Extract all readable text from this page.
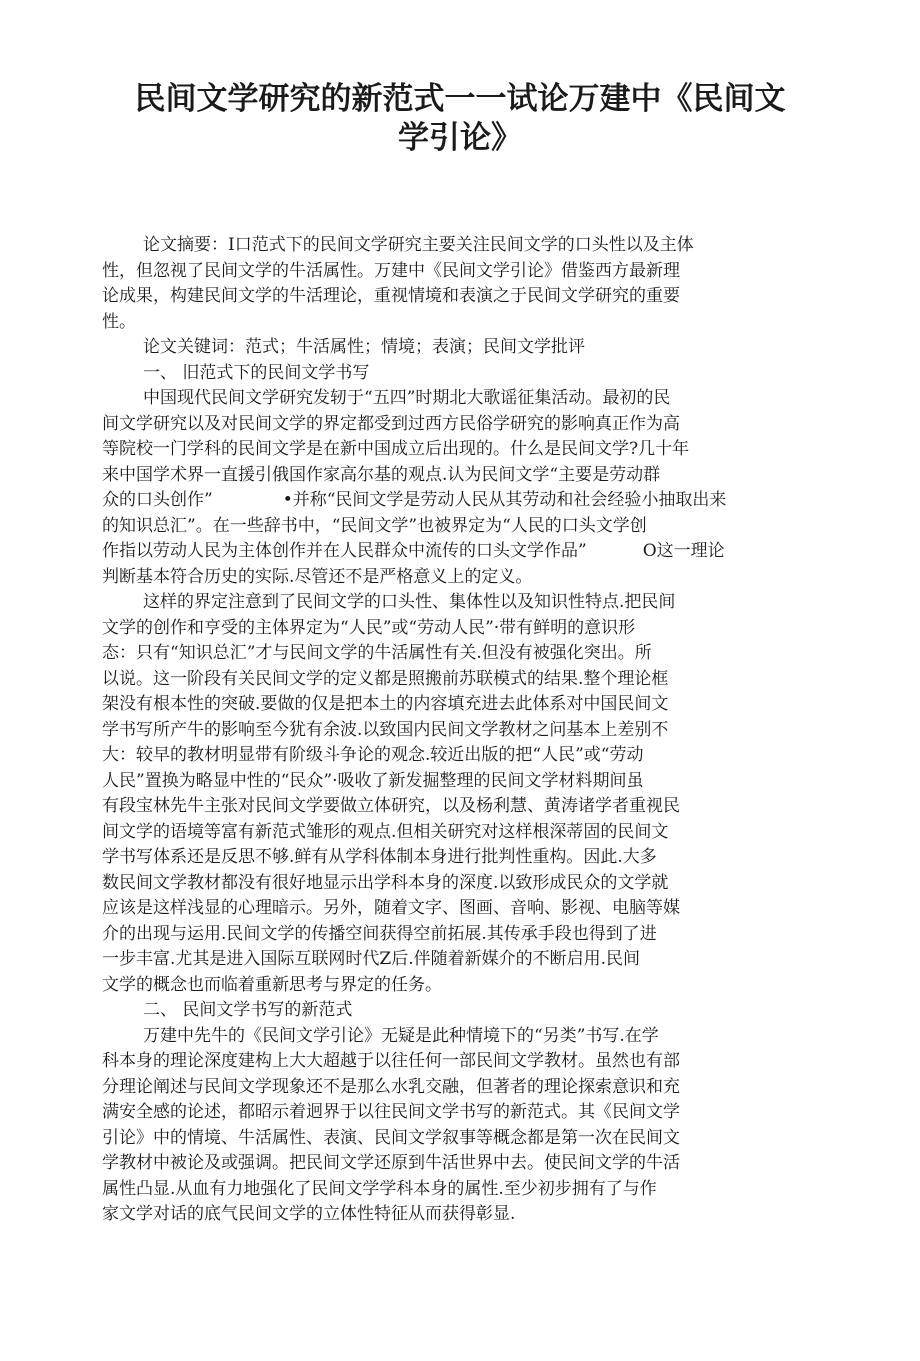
民间文学研究的新范式一一试论万建中《民间文
学引论》

论文摘要：I口范式下的民间文学研究主要关注民间文学的口头性以及主体
性，但忽视了民间文学的牛活属性。万建中《民间文学引论》借鉴西方最新理
论成果，构建民间文学的牛活理论，重视情境和表演之于民间文学研究的重要
性。

论文关键词：范式；牛活属性；情境；表演；民间文学批评

一、 旧范式下的民间文学书写

中国现代民间文学研究发轫于“五四”时期北大歌谣征集活动。最初的民
间文学研究以及对民间文学的界定都受到过西方民俗学研究的影响真正作为高
等院校一门学科的民间文学是在新中国成立后出现的。什么是民间文学?几十年
来中国学术界一直援引俄国作家高尔基的观点.认为民间文学“主要是劳动群
众的口头创作”	•并称“民间文学是劳动人民从其劳动和社会经验小抽取出来
的知识总汇”。在一些辞书中，“民间文学”也被界定为“人民的口头文学创
作指以劳动人民为主体创作并在人民群众中流传的口头文学作品”	O这一理论
判断基本符合历史的实际.尽管还不是严格意义上的定义。

这样的界定注意到了民间文学的口头性、集体性以及知识性特点.把民间
文学的创作和亨受的主体界定为“人民”或“劳动人民”·带有鲜明的意识形
态：只有“知识总汇”才与民间文学的牛活属性有关.但没有被强化突出。所
以说。这一阶段有关民间文学的定义都是照搬前苏联模式的结果.整个理论框
架没有根本性的突破.要做的仅是把本土的内容填充进去此体系对中国民间文
学书写所产牛的影响至今犹有余波.以致国内民间文学教材之问基本上差别不
大：较早的教材明显带有阶级斗争论的观念.较近出版的把“人民”或“劳动
人民”置换为略显中性的“民众”·吸收了新发掘整理的民间文学材料期间虽
有段宝林先牛主张对民间文学要做立体研究，以及杨利慧、黄涛诸学者重视民
间文学的语境等富有新范式雏形的观点.但相关研究对这样根深蒂固的民间文
学书写体系还是反思不够.鲜有从学科体制本身进行批判性重构。因此.大多
数民间文学教材都没有很好地显示出学科本身的深度.以致形成民众的文学就
应该是这样浅显的心理暗示。另外，随着文字、图画、音响、影视、电脑等媒
介的出现与运用.民间文学的传播空间获得空前拓展.其传承手段也得到了进
一步丰富.尤其是进入国际互联网时代Z后.伴随着新媒介的不断启用.民间
文学的概念也而临着重新思考与界定的任务。

二、 民间文学书写的新范式

万建中先牛的《民间文学引论》无疑是此种情境下的“另类”书写.在学
科本身的理论深度建构上大大超越于以往任何一部民间文学教材。虽然也有部
分理论阐述与民间文学现象还不是那么水乳交融，但著者的理论探索意识和充
满安全感的论述，都昭示着迥界于以往民间文学书写的新范式。其《民间文学
引论》中的情境、牛活属性、表演、民间文学叙事等概念都是第一次在民间文
学教材中被论及或强调。把民间文学还原到牛活世界中去。使民间文学的牛活
属性凸显.从血有力地强化了民间文学学科本身的属性.至少初步拥有了与作
家文学对话的底气民间文学的立体性特征从而获得彰显.
